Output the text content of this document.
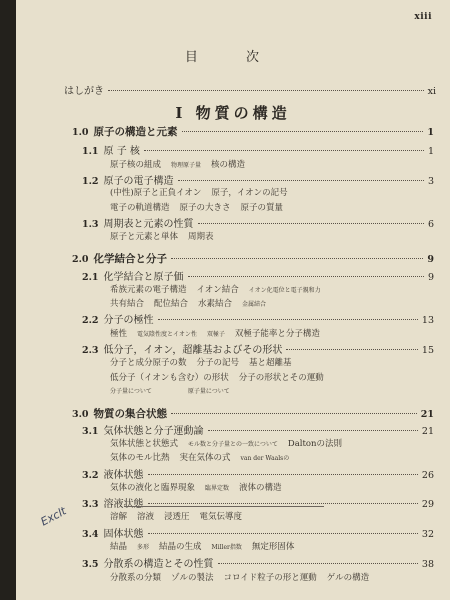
xiii
目 次
はしがき	xi
I 物質の構造
1.0 原子の構造と元素	1
1.1 原 子 核	1
原子核の組成 物理原子量 核の構造
1.2 原子の電子構造	3
(中性)原子と正負イオン 原子，イオンの記号
電子の軌道構造 原子の大きさ 原子の質量
1.3 周期表と元素の性質	6
原子と元素と単体 周期表
2.0 化学結合と分子	9
2.1 化学結合と原子価	9
希族元素の電子構造 イオン結合 イオン化電位と電子親和力
共有結合 配位結合 水素結合 金属結合
2.2 分子の極性	13
極性 電気陰性度とイオン性 双極子 双極子能率と分子構造
2.3 低分子，イオン，超離基およびその形状	15
分子と成分原子の数 分子の記号 基と超離基
低分子（イオンも含む）の形状 分子の形状とその運動
分子量について	原子量について
3.0 物質の集合状態	21
3.1 気体状態と分子運動論	21
気体状態と状態式 モル数と分子量との一致について Daltonの法則
気体のモル比熱 実在気体の式 van der Waalsの
3.2 液体状態	26
気体の液化と臨界現象 臨界定数 液体の構造
3.3 溶液状態	29
溶解 溶液 浸透圧 電気伝導度
3.4 固体状態	32
結晶 多形 結晶の生成 Miller指数 無定形固体
3.5 分散系の構造とその性質	38
分散系の分類 ゾルの製法 コロイド粒子の形と運動 ゲルの構造
Exclt
